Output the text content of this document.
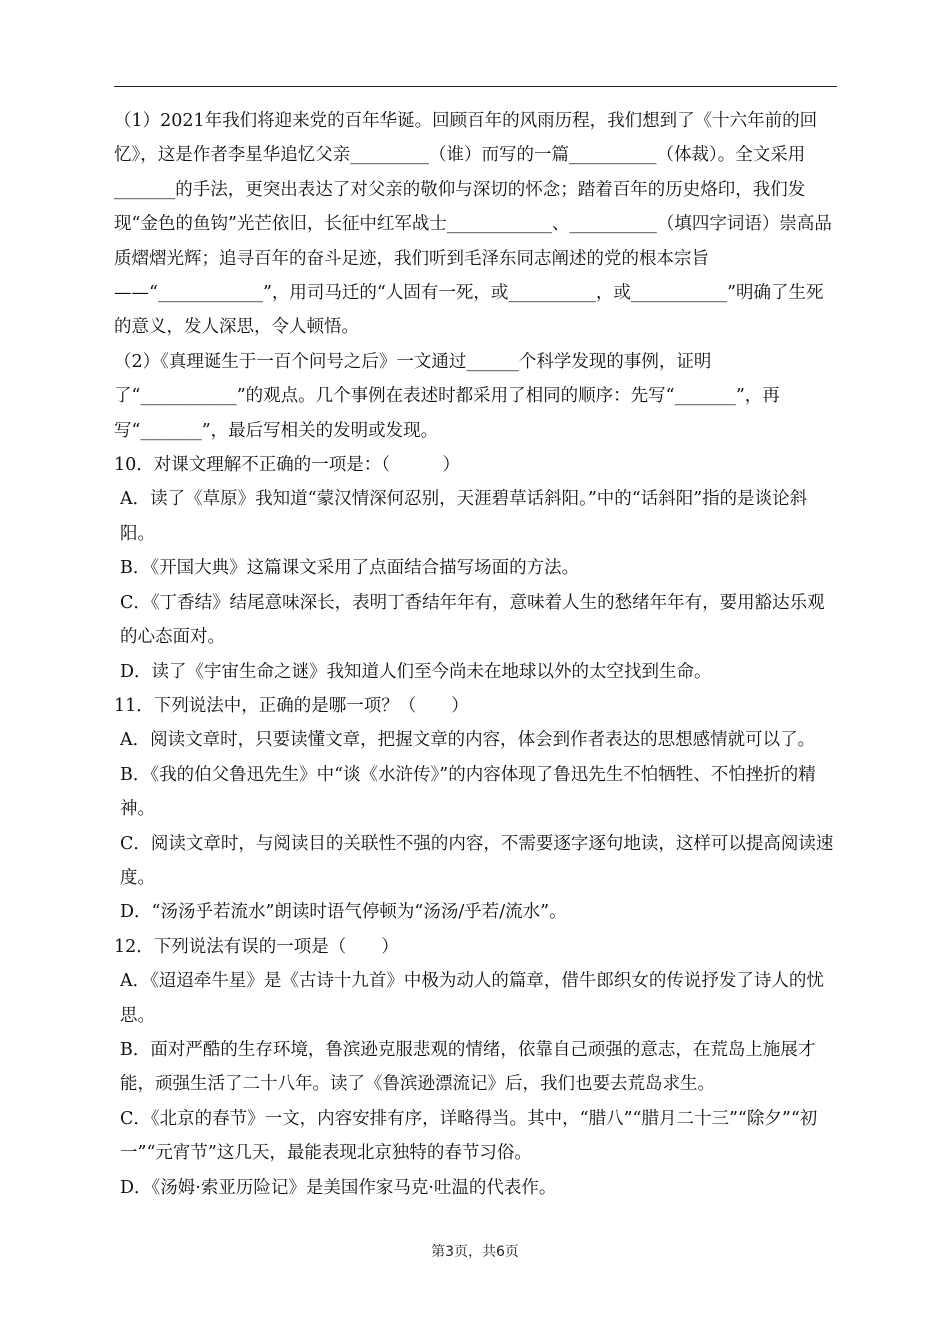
（1）2021年我们将迎来党的百年华诞。回顾百年的风雨历程，我们想到了《十六年前的回忆》，这是作者李星华追忆父亲_________（谁）而写的一篇__________（体裁）。全文采用_______的手法，更突出表达了对父亲的敬仰与深切的怀念；踏着百年的历史烙印，我们发现“金色的鱼钩”光芒依旧，长征中红军战士____________、__________（填四字词语）崇高品质熠熠光辉；追寻百年的奋斗足迹，我们听到毛泽东同志阐述的党的根本宗旨——“____________”，用司马迁的“人固有一死，或__________，或___________”明确了生死的意义，发人深思，令人顿悟。

（2）《真理诞生于一百个问号之后》一文通过______个科学发现的事例，证明了“___________”的观点。几个事例在表述时都采用了相同的顺序：先写“_______”，再写“_______”，最后写相关的发明或发现。

10．对课文理解不正确的一项是：（　　　）

A．读了《草原》我知道“蒙汉情深何忍别，天涯碧草话斜阳。”中的“话斜阳”指的是谈论斜阳。

B．《开国大典》这篇课文采用了点面结合描写场面的方法。

C．《丁香结》结尾意味深长，表明丁香结年年有，意味着人生的愁绪年年有，要用豁达乐观的心态面对。

D．读了《宇宙生命之谜》我知道人们至今尚未在地球以外的太空找到生命。

11．下列说法中，正确的是哪一项？（　　）

A．阅读文章时，只要读懂文章，把握文章的内容，体会到作者表达的思想感情就可以了。

B．《我的伯父鲁迅先生》中“谈《水浒传》”的内容体现了鲁迅先生不怕牺牲、不怕挫折的精神。

C．阅读文章时，与阅读目的关联性不强的内容，不需要逐字逐句地读，这样可以提高阅读速度。

D．“汤汤乎若流水”朗读时语气停顿为“汤汤/乎若/流水”。

12．下列说法有误的一项是（　　）

A．《迢迢牵牛星》是《古诗十九首》中极为动人的篇章，借牛郎织女的传说抒发了诗人的忧思。

B．面对严酷的生存环境，鲁滨逊克服悲观的情绪，依靠自己顽强的意志，在荒岛上施展才能，顽强生活了二十八年。读了《鲁滨逊漂流记》后，我们也要去荒岛求生。

C．《北京的春节》一文，内容安排有序，详略得当。其中，“腊八”“腊月二十三”“除夕”“初一”“元宵节”这几天，最能表现北京独特的春节习俗。

D．《汤姆·索亚历险记》是美国作家马克·吐温的代表作。

第3页，共6页
